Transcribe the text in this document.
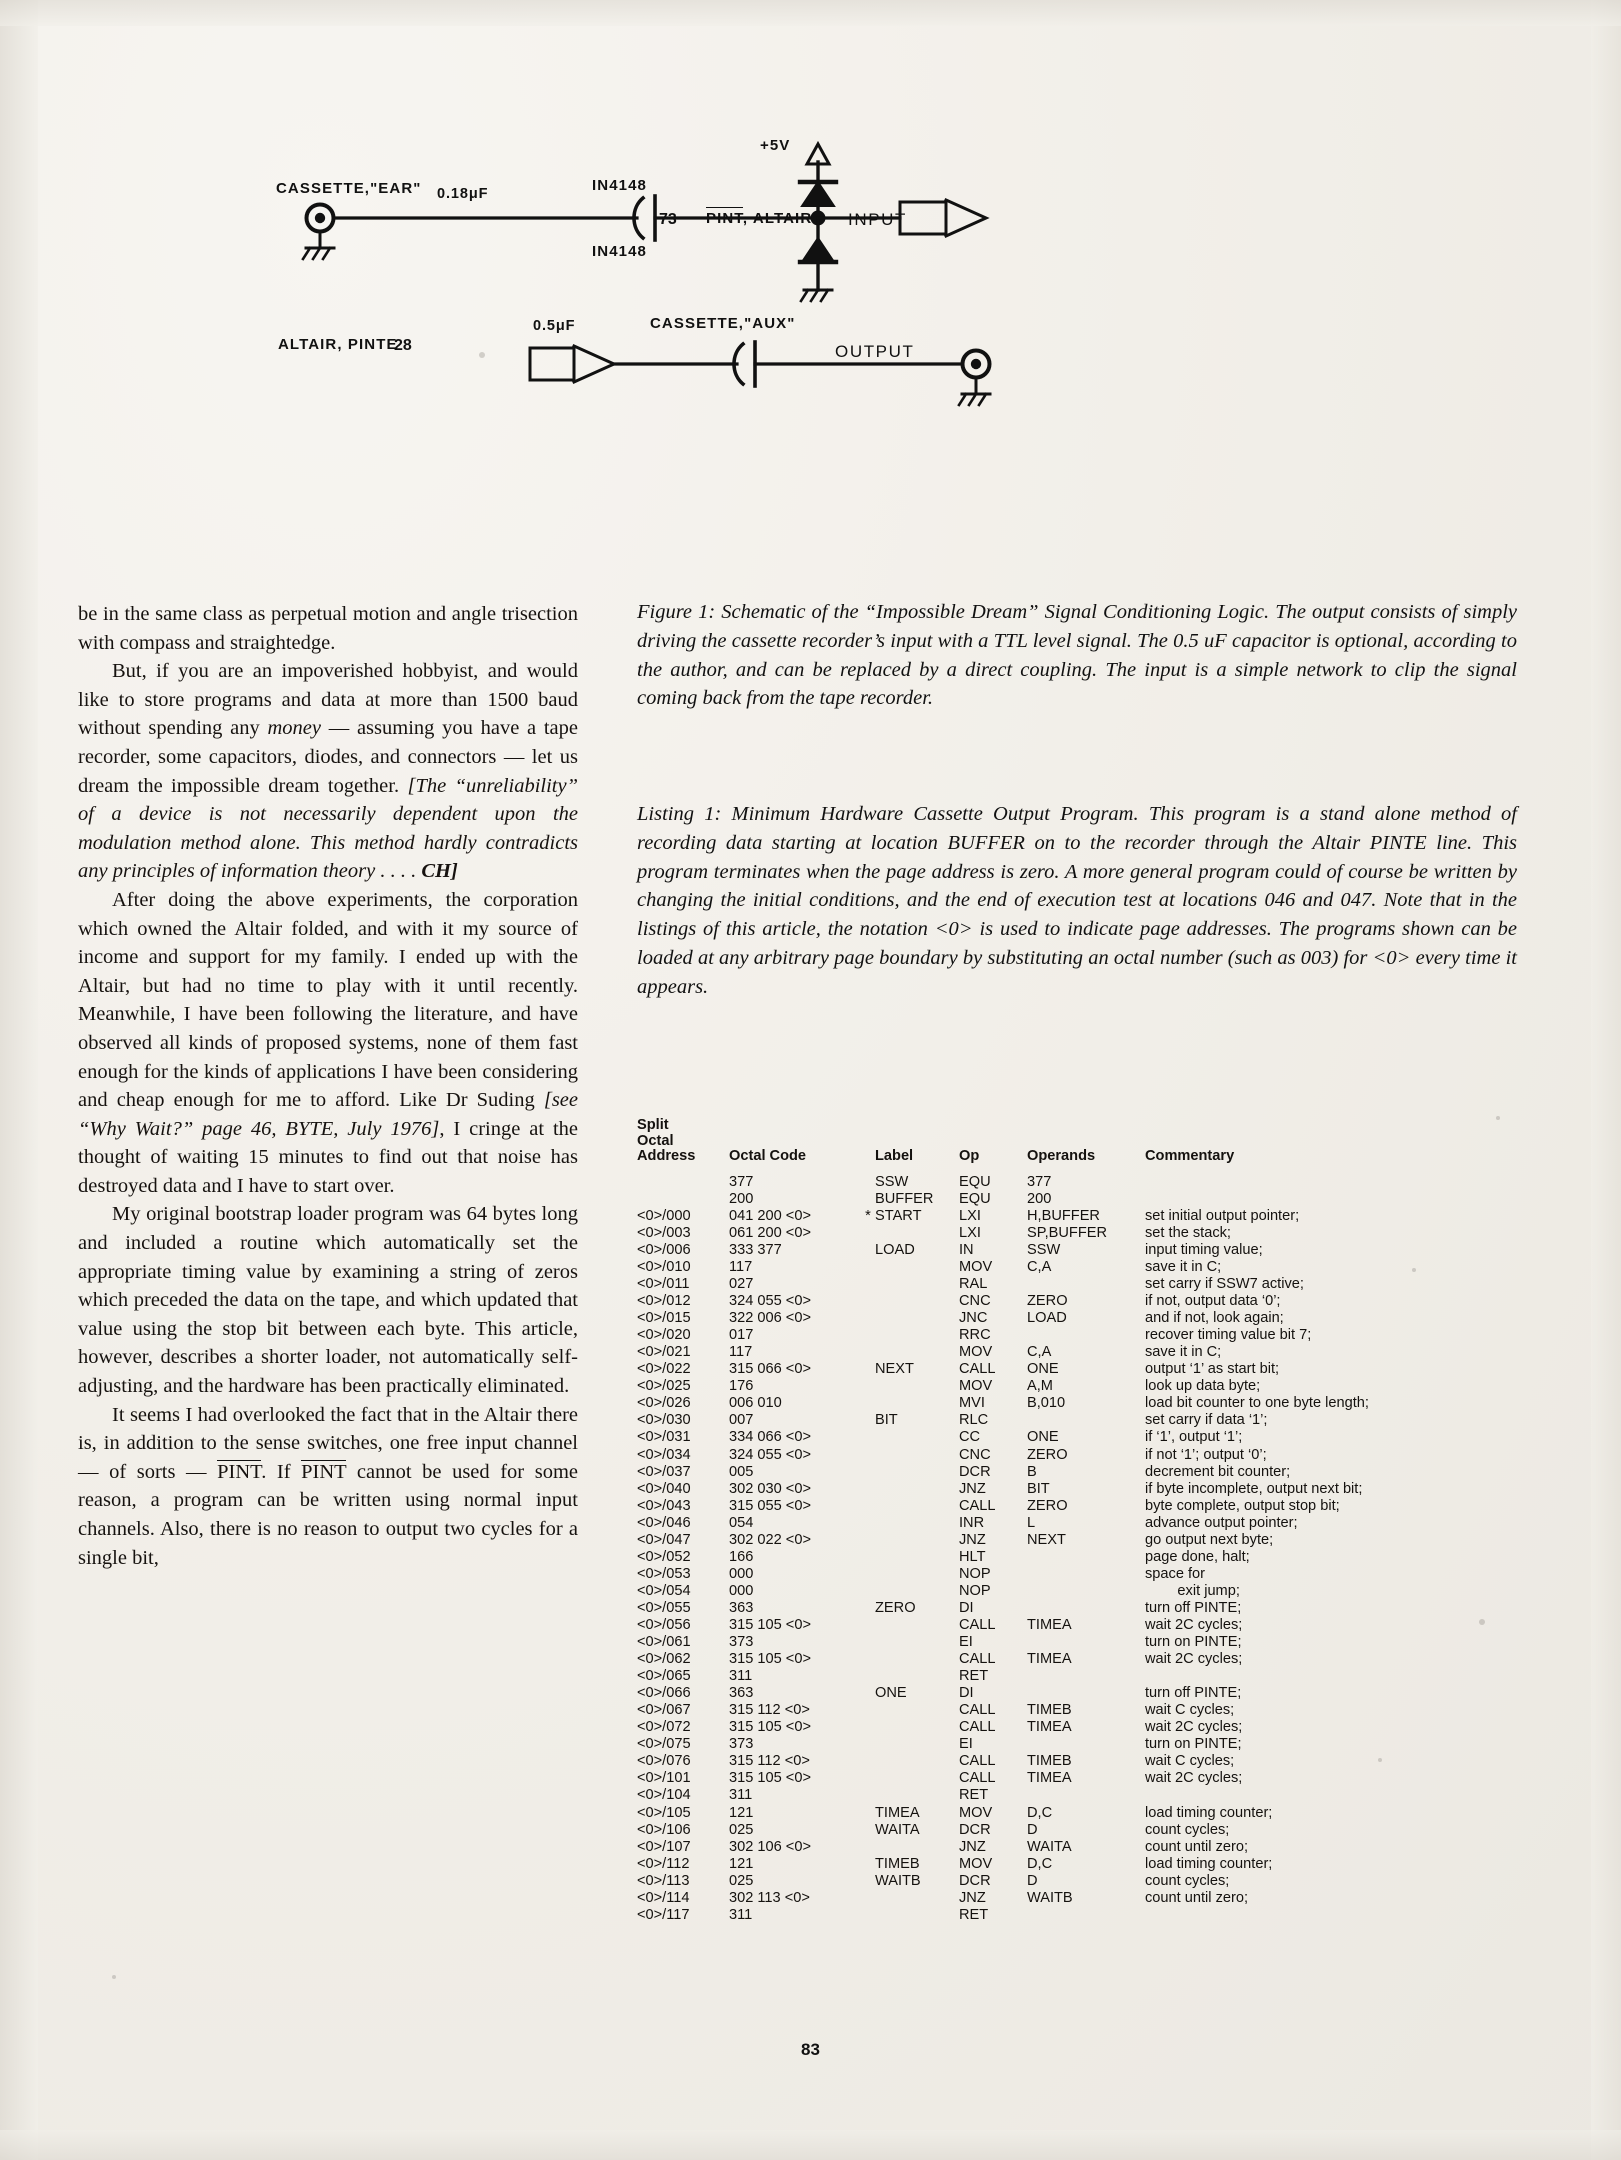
+5V
CASSETTE,"EAR" 0.18μF	IN4148
IN4148
73 PINT, ALTAIR INPUT
ALTAIR, PINTE
28
0.5μF	CASSETTE,"AUX"
OUTPUT

be in the same class as perpetual motion and angle trisection with compass and straightedge.

But, if you are an impoverished hobbyist, and would like to store programs and data at more than 1500 baud without spending any money — assuming you have a tape recorder, some capacitors, diodes, and connectors — let us dream the impossible dream together. [The “unreliability” of a device is not necessarily dependent upon the modulation method alone. This method hardly contradicts any principles of information theory . . . . CH]

After doing the above experiments, the corporation which owned the Altair folded, and with it my source of income and support for my family. I ended up with the Altair, but had no time to play with it until recently. Meanwhile, I have been following the literature, and have observed all kinds of proposed systems, none of them fast enough for the kinds of applications I have been considering and cheap enough for me to afford. Like Dr Suding [see “Why Wait?” page 46, BYTE, July 1976], I cringe at the thought of waiting 15 minutes to find out that noise has destroyed data and I have to start over.

My original bootstrap loader program was 64 bytes long and included a routine which automatically set the appropriate timing value by examining a string of zeros which preceded the data on the tape, and which updated that value using the stop bit between each byte. This article, however, describes a shorter loader, not automatically self-adjusting, and the hardware has been practically eliminated.

It seems I had overlooked the fact that in the Altair there is, in addition to the sense switches, one free input channel — of sorts — PINT. If PINT cannot be used for some reason, a program can be written using normal input channels. Also, there is no reason to output two cycles for a single bit,

Figure 1: Schematic of the “Impossible Dream” Signal Conditioning Logic. The output consists of simply driving the cassette recorder’s input with a TTL level signal. The 0.5 uF capacitor is optional, according to the author, and can be replaced by a direct coupling. The input is a simple network to clip the signal coming back from the tape recorder.
Listing 1: Minimum Hardware Cassette Output Program. This program is a stand alone method of recording data starting at location BUFFER on to the recorder through the Altair PINTE line. This program terminates when the page address is zero. A more general program could of course be written by changing the initial conditions, and the end of execution test at locations 046 and 047. Note that in the listings of this article, the notation <0> is used to indicate page addresses. The programs shown can be loaded at any arbitrary page boundary by substituting an octal number (such as 003) for <0> every time it appears.
Split
Octal
Address	Octal Code		Label	Op	Operands	Commentary
	377		SSW	EQU	377	
	200		BUFFER	EQU	200	
<0>/000	041 200 <0>	*	START	LXI	H,BUFFER	set initial output pointer;
<0>/003	061 200 <0>			LXI	SP,BUFFER	set the stack;
<0>/006	333 377		LOAD	IN	SSW	input timing value;
<0>/010	117			MOV	C,A	save it in C;
<0>/011	027			RAL		set carry if SSW7 active;
<0>/012	324 055 <0>			CNC	ZERO	if not, output data ‘0’;
<0>/015	322 006 <0>			JNC	LOAD	and if not, look again;
<0>/020	017			RRC		recover timing value bit 7;
<0>/021	117			MOV	C,A	save it in C;
<0>/022	315 066 <0>		NEXT	CALL	ONE	output ‘1’ as start bit;
<0>/025	176			MOV	A,M	look up data byte;
<0>/026	006 010			MVI	B,010	load bit counter to one byte length;
<0>/030	007		BIT	RLC		set carry if data ‘1’;
<0>/031	334 066 <0>			CC	ONE	if ‘1’, output ‘1’;
<0>/034	324 055 <0>			CNC	ZERO	if not ‘1’; output ‘0’;
<0>/037	005			DCR	B	decrement bit counter;
<0>/040	302 030 <0>			JNZ	BIT	if byte incomplete, output next bit;
<0>/043	315 055 <0>			CALL	ZERO	byte complete, output stop bit;
<0>/046	054			INR	L	advance output pointer;
<0>/047	302 022 <0>			JNZ	NEXT	go output next byte;
<0>/052	166			HLT		page done, halt;
<0>/053	000			NOP		space for
<0>/054	000			NOP		exit jump;
<0>/055	363		ZERO	DI		turn off PINTE;
<0>/056	315 105 <0>			CALL	TIMEA	wait 2C cycles;
<0>/061	373			EI		turn on PINTE;
<0>/062	315 105 <0>			CALL	TIMEA	wait 2C cycles;
<0>/065	311			RET		
<0>/066	363		ONE	DI		turn off PINTE;
<0>/067	315 112 <0>			CALL	TIMEB	wait C cycles;
<0>/072	315 105 <0>			CALL	TIMEA	wait 2C cycles;
<0>/075	373			EI		turn on PINTE;
<0>/076	315 112 <0>			CALL	TIMEB	wait C cycles;
<0>/101	315 105 <0>			CALL	TIMEA	wait 2C cycles;
<0>/104	311			RET		
<0>/105	121		TIMEA	MOV	D,C	load timing counter;
<0>/106	025		WAITA	DCR	D	count cycles;
<0>/107	302 106 <0>			JNZ	WAITA	count until zero;
<0>/112	121		TIMEB	MOV	D,C	load timing counter;
<0>/113	025		WAITB	DCR	D	count cycles;
<0>/114	302 113 <0>			JNZ	WAITB	count until zero;
<0>/117	311			RET		
83
